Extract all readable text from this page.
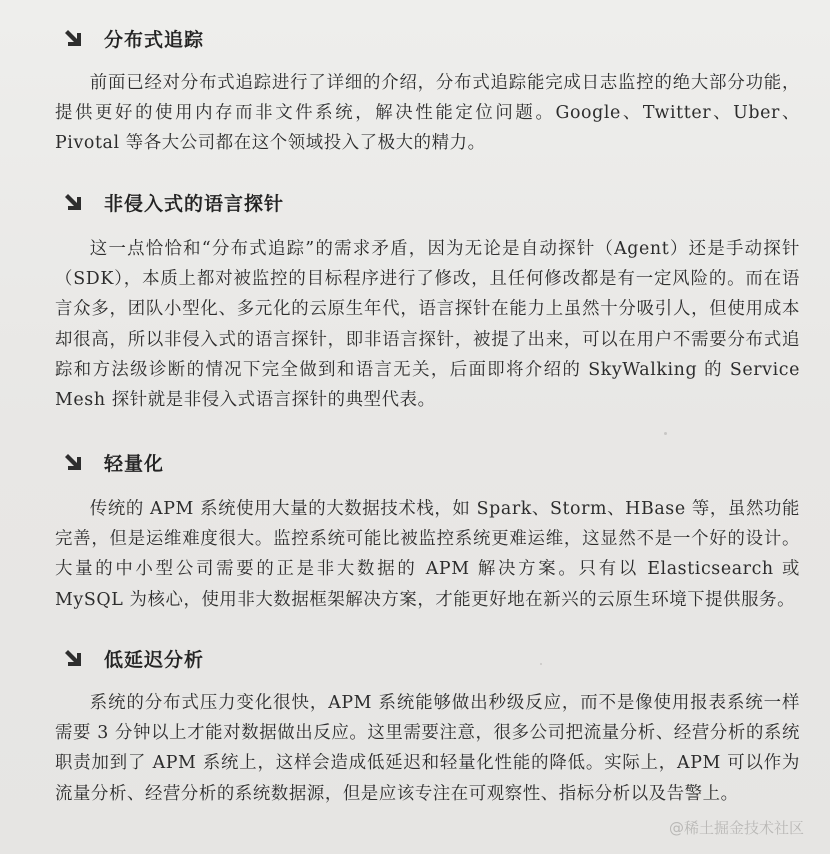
分布式追踪

前面已经对分布式追踪进行了详细的介绍，分布式追踪能完成日志监控的绝大部分功能，提供更好的使用内存而非文件系统，解决性能定位问题。Google、Twitter、Uber、Pivotal 等各大公司都在这个领域投入了极大的精力。

非侵入式的语言探针

这一点恰恰和“分布式追踪”的需求矛盾，因为无论是自动探针（Agent）还是手动探针（SDK），本质上都对被监控的目标程序进行了修改，且任何修改都是有一定风险的。而在语言众多，团队小型化、多元化的云原生年代，语言探针在能力上虽然十分吸引人，但使用成本却很高，所以非侵入式的语言探针，即非语言探针，被提了出来，可以在用户不需要分布式追踪和方法级诊断的情况下完全做到和语言无关，后面即将介绍的 SkyWalking 的 Service Mesh 探针就是非侵入式语言探针的典型代表。

轻量化

传统的 APM 系统使用大量的大数据技术栈，如 Spark、Storm、HBase 等，虽然功能完善，但是运维难度很大。监控系统可能比被监控系统更难运维，这显然不是一个好的设计。大量的中小型公司需要的正是非大数据的 APM 解决方案。只有以 Elasticsearch 或 MySQL 为核心，使用非大数据框架解决方案，才能更好地在新兴的云原生环境下提供服务。

低延迟分析

系统的分布式压力变化很快，APM 系统能够做出秒级反应，而不是像使用报表系统一样需要 3 分钟以上才能对数据做出反应。这里需要注意，很多公司把流量分析、经营分析的系统职责加到了 APM 系统上，这样会造成低延迟和轻量化性能的降低。实际上，APM 可以作为流量分析、经营分析的系统数据源，但是应该专注在可观察性、指标分析以及告警上。

@稀土掘金技术社区
